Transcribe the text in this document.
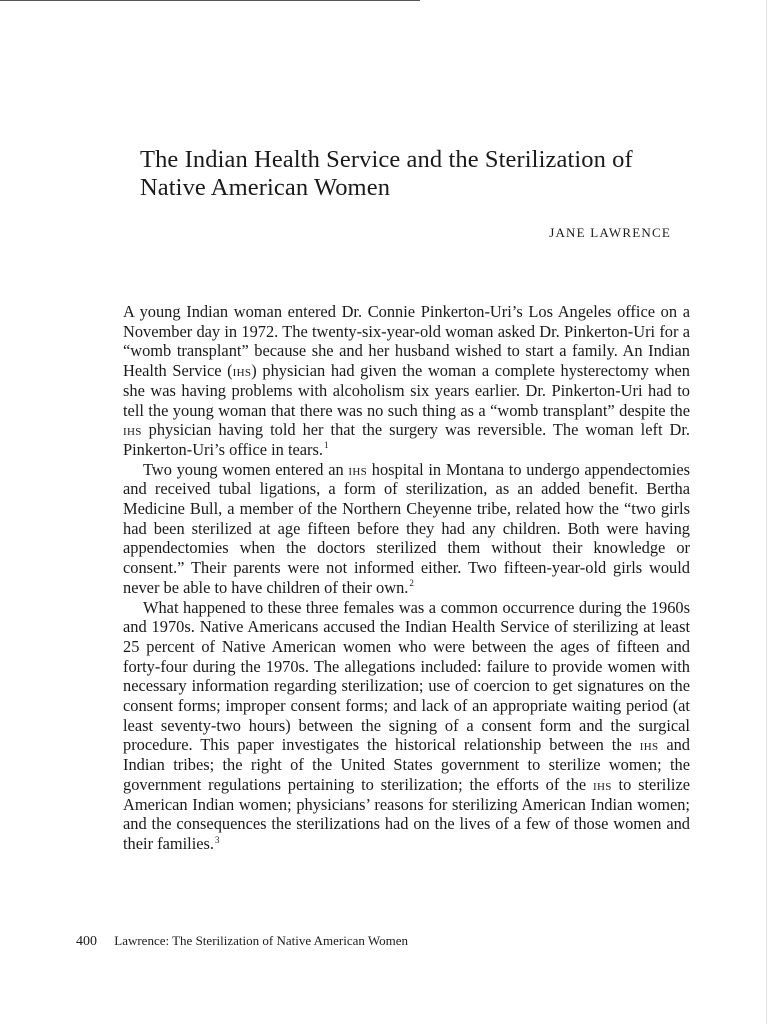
The Indian Health Service and the Sterilization of Native American Women
JANE LAWRENCE

A young Indian woman entered Dr. Connie Pinkerton-Uri’s Los Angeles office on a November day in 1972. The twenty-six-year-old woman asked Dr. Pinkerton-Uri for a “womb transplant” because she and her husband wished to start a family. An Indian Health Service (ihs) physician had given the woman a complete hysterectomy when she was having problems with alcoholism six years earlier. Dr. Pinkerton-Uri had to tell the young woman that there was no such thing as a “womb transplant” despite the ihs physician having told her that the surgery was reversible. The woman left Dr. Pinkerton-Uri’s office in tears.$^1$

Two young women entered an ihs hospital in Montana to undergo appendectomies and received tubal ligations, a form of sterilization, as an added benefit. Bertha Medicine Bull, a member of the Northern Cheyenne tribe, related how the “two girls had been sterilized at age fifteen before they had any children. Both were having appendectomies when the doctors sterilized them without their knowledge or consent.” Their parents were not informed either. Two fifteen-year-old girls would never be able to have children of their own.$^2$

What happened to these three females was a common occurrence during the 1960s and 1970s. Native Americans accused the Indian Health Service of sterilizing at least 25 percent of Native American women who were between the ages of fifteen and forty-four during the 1970s. The allegations included: failure to provide women with necessary information regarding sterilization; use of coercion to get signatures on the consent forms; improper consent forms; and lack of an appropriate waiting period (at least seventy-two hours) between the signing of a consent form and the surgical procedure. This paper investigates the historical relationship between the ihs and Indian tribes; the right of the United States government to sterilize women; the government regulations pertaining to sterilization; the efforts of the ihs to sterilize American Indian women; physicians’ reasons for sterilizing American Indian women; and the consequences the sterilizations had on the lives of a few of those women and their families.$^3$

400 Lawrence: The Sterilization of Native American Women
